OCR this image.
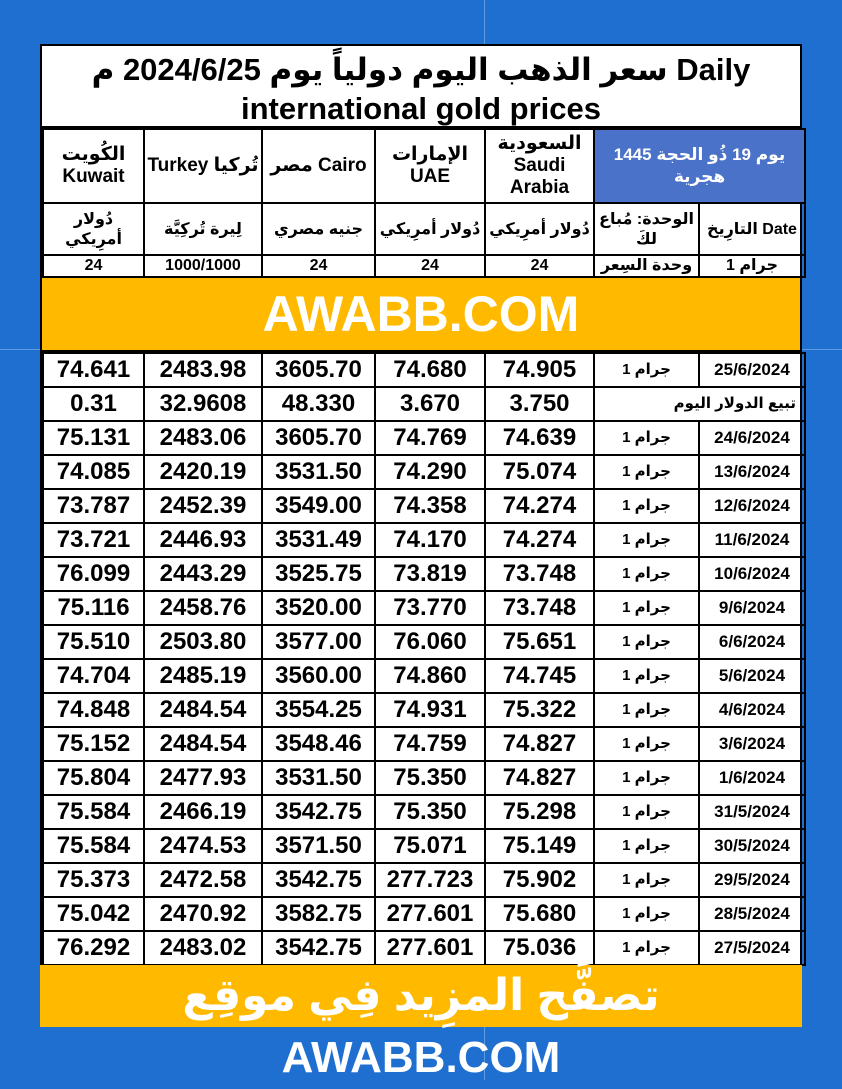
سعر الذهب اليوم دولياً يوم 2024/6/25 م Daily
international gold prices
الكُويت Kuwait	Turkey تُركيا	مصر Cairo	الإمارات UAE	السعودية Saudi Arabia	يوم 19 ذُو الحجة 1445 هجرية	
دُولار أمرِيكي	لِيرة تُركِيَّة	جنيه مصري	دُولار أمرِيكي	دُولار أمرِيكي	الوحدة: مُباع لكَ	التارِيخ Date
24	1000/1000	24	24	24	وحدة السِعر	1 جرام
AWABB.COM
74.641	2483.98	3605.70	74.680	74.905	1 جرام	25/6/2024
0.31	32.9608	48.330	3.670	3.750	تبيع الدولار اليوم	
75.131	2483.06	3605.70	74.769	74.639	1 جرام	24/6/2024
74.085	2420.19	3531.50	74.290	75.074	1 جرام	13/6/2024
73.787	2452.39	3549.00	74.358	74.274	1 جرام	12/6/2024
73.721	2446.93	3531.49	74.170	74.274	1 جرام	11/6/2024
76.099	2443.29	3525.75	73.819	73.748	1 جرام	10/6/2024
75.116	2458.76	3520.00	73.770	73.748	1 جرام	9/6/2024
75.510	2503.80	3577.00	76.060	75.651	1 جرام	6/6/2024
74.704	2485.19	3560.00	74.860	74.745	1 جرام	5/6/2024
74.848	2484.54	3554.25	74.931	75.322	1 جرام	4/6/2024
75.152	2484.54	3548.46	74.759	74.827	1 جرام	3/6/2024
75.804	2477.93	3531.50	75.350	74.827	1 جرام	1/6/2024
75.584	2466.19	3542.75	75.350	75.298	1 جرام	31/5/2024
75.584	2474.53	3571.50	75.071	75.149	1 جرام	30/5/2024
75.373	2472.58	3542.75	277.723	75.902	1 جرام	29/5/2024
75.042	2470.92	3582.75	277.601	75.680	1 جرام	28/5/2024
76.292	2483.02	3542.75	277.601	75.036	1 جرام	27/5/2024
تصفَّح المزِيد فِي موقِع AWABB.COM
